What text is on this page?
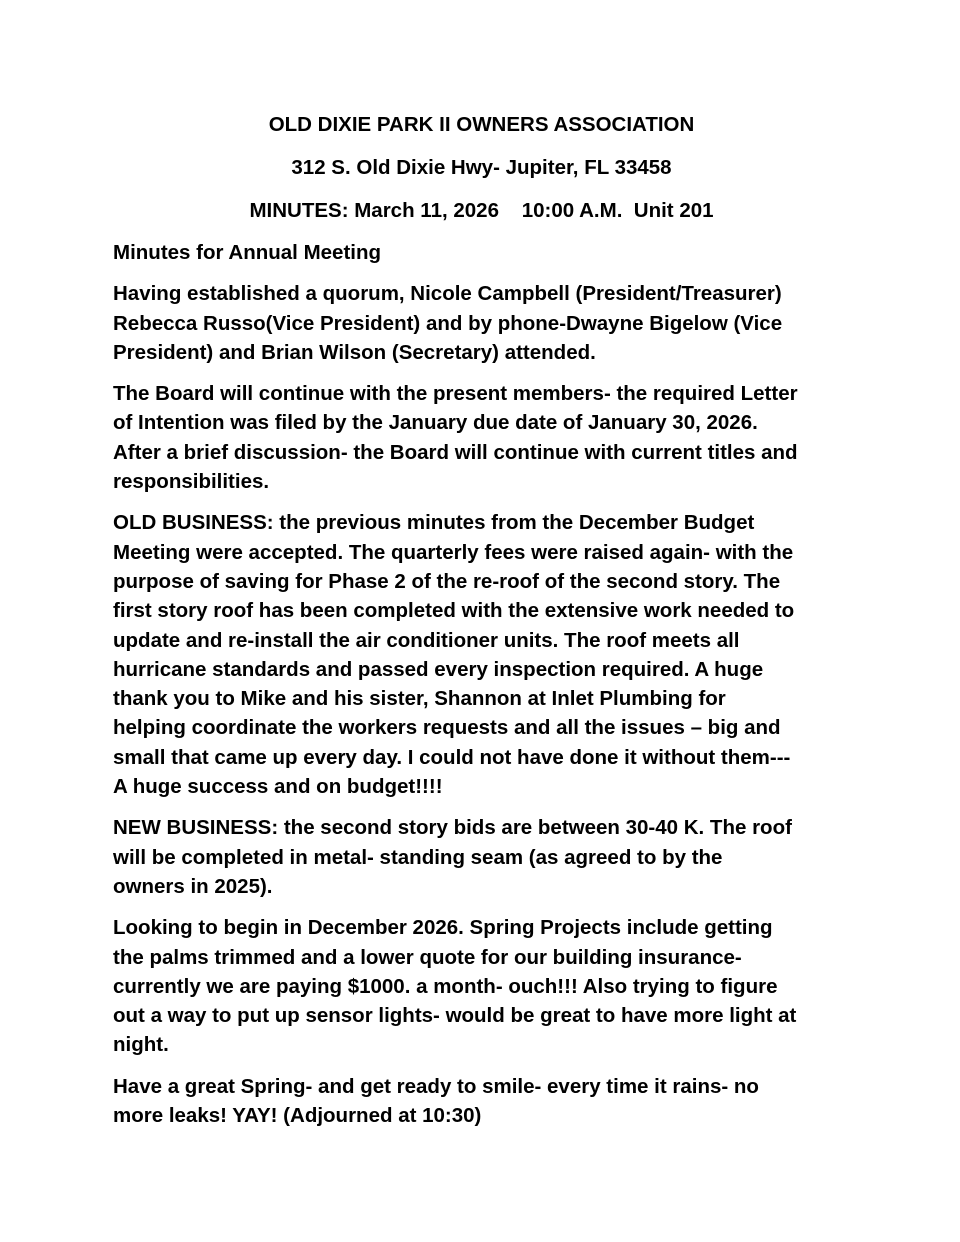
OLD DIXIE PARK II OWNERS ASSOCIATION
312 S. Old Dixie Hwy- Jupiter, FL 33458
MINUTES: March 11, 2026    10:00 A.M.  Unit 201
Minutes for Annual Meeting
Having established a quorum, Nicole Campbell (President/Treasurer)
Rebecca Russo(Vice President) and by phone-Dwayne Bigelow (Vice
President) and Brian Wilson (Secretary) attended.
The Board will continue with the present members- the required Letter
of Intention was filed by the January due date of January 30, 2026.
After a brief discussion- the Board will continue with current titles and
responsibilities.
OLD BUSINESS: the previous minutes from the December Budget
Meeting were accepted. The quarterly fees were raised again- with the
purpose of saving for Phase 2 of the re-roof of the second story. The
first story roof has been completed with the extensive work needed to
update and re-install the air conditioner units. The roof meets all
hurricane standards and passed every inspection required. A huge
thank you to Mike and his sister, Shannon at Inlet Plumbing for
helping coordinate the workers requests and all the issues – big and
small that came up every day. I could not have done it without them---
A huge success and on budget!!!!
NEW BUSINESS: the second story bids are between 30-40 K. The roof
will be completed in metal- standing seam (as agreed to by the
owners in 2025).
Looking to begin in December 2026. Spring Projects include getting
the palms trimmed and a lower quote for our building insurance-
currently we are paying $1000. a month- ouch!!! Also trying to figure
out a way to put up sensor lights- would be great to have more light at
night.
Have a great Spring- and get ready to smile- every time it rains- no
more leaks! YAY! (Adjourned at 10:30)
